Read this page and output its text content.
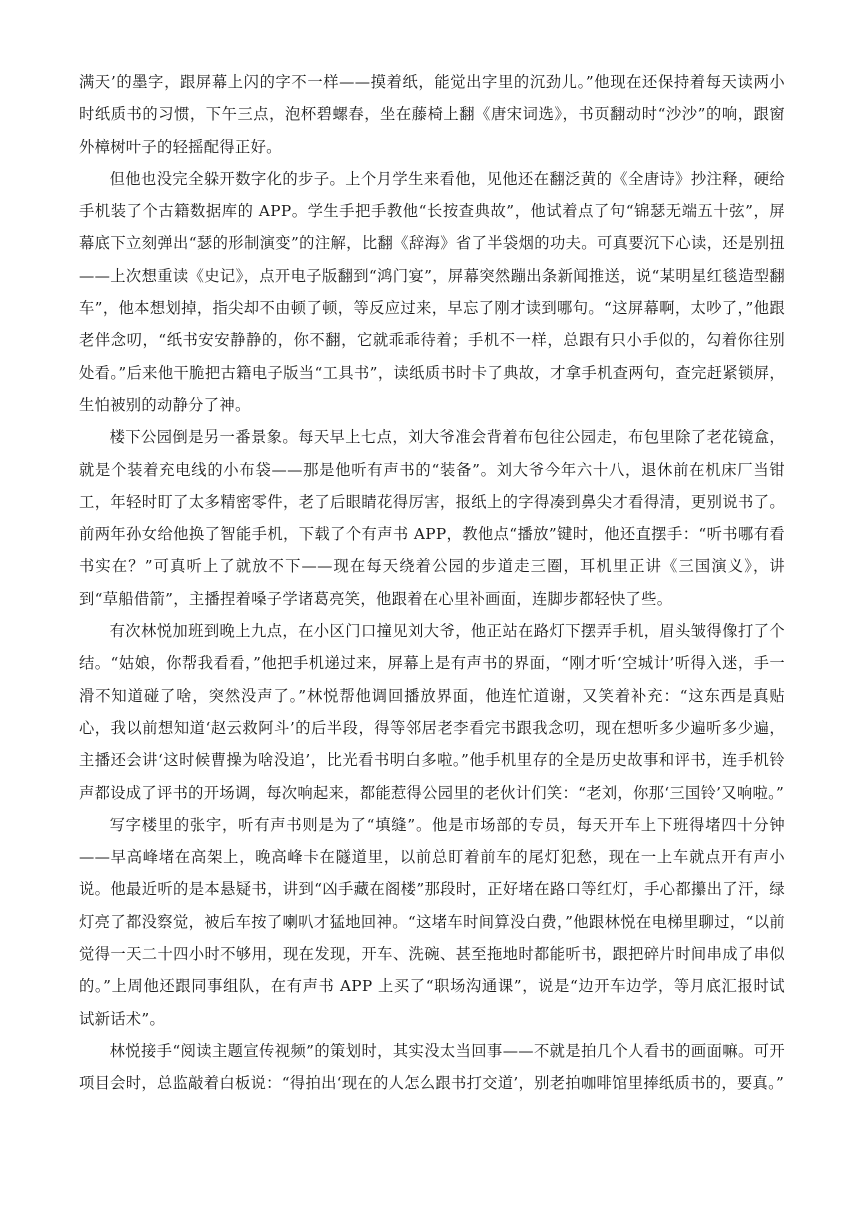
满天’的墨字，跟屏幕上闪的字不一样——摸着纸，能觉出字里的沉劲儿。”他现在还保持着每天读两小时纸质书的习惯，下午三点，泡杯碧螺春，坐在藤椅上翻《唐宋词选》，书页翻动时“沙沙”的响，跟窗外樟树叶子的轻摇配得正好。

但他也没完全躲开数字化的步子。上个月学生来看他，见他还在翻泛黄的《全唐诗》抄注释，硬给手机装了个古籍数据库的 APP。学生手把手教他“长按查典故”，他试着点了句“锦瑟无端五十弦”，屏幕底下立刻弹出“瑟的形制演变”的注解，比翻《辞海》省了半袋烟的功夫。可真要沉下心读，还是别扭——上次想重读《史记》，点开电子版翻到“鸿门宴”，屏幕突然蹦出条新闻推送，说“某明星红毯造型翻车”，他本想划掉，指尖却不由顿了顿，等反应过来，早忘了刚才读到哪句。“这屏幕啊，太吵了，”他跟老伴念叨，“纸书安安静静的，你不翻，它就乖乖待着；手机不一样，总跟有只小手似的，勾着你往别处看。”后来他干脆把古籍电子版当“工具书”，读纸质书时卡了典故，才拿手机查两句，查完赶紧锁屏，生怕被别的动静分了神。

楼下公园倒是另一番景象。每天早上七点，刘大爷准会背着布包往公园走，布包里除了老花镜盒，就是个装着充电线的小布袋——那是他听有声书的“装备”。刘大爷今年六十八，退休前在机床厂当钳工，年轻时盯了太多精密零件，老了后眼睛花得厉害，报纸上的字得凑到鼻尖才看得清，更别说书了。前两年孙女给他换了智能手机，下载了个有声书 APP，教他点“播放”键时，他还直摆手：“听书哪有看书实在？”可真听上了就放不下——现在每天绕着公园的步道走三圈，耳机里正讲《三国演义》，讲到“草船借箭”，主播捏着嗓子学诸葛亮笑，他跟着在心里补画面，连脚步都轻快了些。

有次林悦加班到晚上九点，在小区门口撞见刘大爷，他正站在路灯下摆弄手机，眉头皱得像打了个结。“姑娘，你帮我看看，”他把手机递过来，屏幕上是有声书的界面，“刚才听‘空城计’听得入迷，手一滑不知道碰了啥，突然没声了。”林悦帮他调回播放界面，他连忙道谢，又笑着补充：“这东西是真贴心，我以前想知道‘赵云救阿斗’的后半段，得等邻居老李看完书跟我念叨，现在想听多少遍听多少遍，主播还会讲‘这时候曹操为啥没追’，比光看书明白多啦。”他手机里存的全是历史故事和评书，连手机铃声都设成了评书的开场调，每次响起来，都能惹得公园里的老伙计们笑：“老刘，你那‘三国铃’又响啦。”

写字楼里的张宇，听有声书则是为了“填缝”。他是市场部的专员，每天开车上下班得堵四十分钟——早高峰堵在高架上，晚高峰卡在隧道里，以前总盯着前车的尾灯犯愁，现在一上车就点开有声小说。他最近听的是本悬疑书，讲到“凶手藏在阁楼”那段时，正好堵在路口等红灯，手心都攥出了汗，绿灯亮了都没察觉，被后车按了喇叭才猛地回神。“这堵车时间算没白费，”他跟林悦在电梯里聊过，“以前觉得一天二十四小时不够用，现在发现，开车、洗碗、甚至拖地时都能听书，跟把碎片时间串成了串似的。”上周他还跟同事组队，在有声书 APP 上买了“职场沟通课”，说是“边开车边学，等月底汇报时试试新话术”。

林悦接手“阅读主题宣传视频”的策划时，其实没太当回事——不就是拍几个人看书的画面嘛。可开项目会时，总监敲着白板说：“得拍出‘现在的人怎么跟书打交道’，别老拍咖啡馆里捧纸质书的，要真。”
